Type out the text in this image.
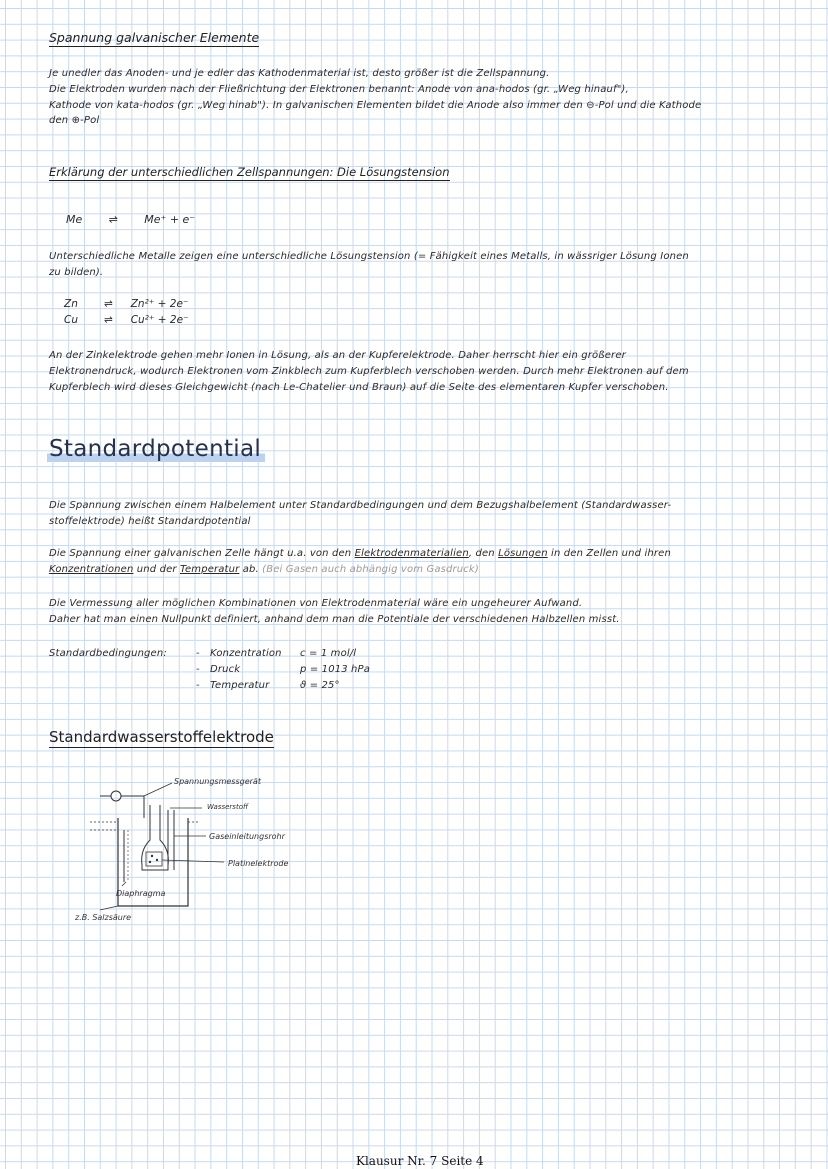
Spannung galvanischer Elemente
Je unedler das Anoden- und je edler das Kathodenmaterial ist, desto größer ist die Zellspannung.
Die Elektroden wurden nach der Fließrichtung der Elektronen benannt: Anode von ana-hodos (gr. „Weg hinauf"),
Kathode von kata-hodos (gr. „Weg hinab"). In galvanischen Elementen bildet die Anode also immer den ⊖-Pol und die Kathode
den ⊕-Pol
Erklärung der unterschiedlichen Zellspannungen: Die Lösungstension
Me ⇌ Me⁺ + e⁻
Unterschiedliche Metalle zeigen eine unterschiedliche Lösungstension (= Fähigkeit eines Metalls, in wässriger Lösung Ionen
zu bilden).
Zn ⇌ Zn²⁺ + 2e⁻
Cu ⇌ Cu²⁺ + 2e⁻
An der Zinkelektrode gehen mehr Ionen in Lösung, als an der Kupferelektrode. Daher herrscht hier ein größerer
Elektronendruck, wodurch Elektronen vom Zinkblech zum Kupferblech verschoben werden. Durch mehr Elektronen auf dem
Kupferblech wird dieses Gleichgewicht (nach Le-Chatelier und Braun) auf die Seite des elementaren Kupfer verschoben.
Standardpotential
Die Spannung zwischen einem Halbelement unter Standardbedingungen und dem Bezugshalbelement (Standardwasser-
stoffelektrode) heißt Standardpotential
Die Spannung einer galvanischen Zelle hängt u.a. von den Elektrodenmaterialien, den Lösungen in den Zellen und ihren
Konzentrationen und der Temperatur ab. (Bei Gasen auch abhängig vom Gasdruck)
Die Vermessung aller möglichen Kombinationen von Elektrodenmaterial wäre ein ungeheurer Aufwand.
Daher hat man einen Nullpunkt definiert, anhand dem man die Potentiale der verschiedenen Halbzellen misst.
Standardbedingungen:	- Konzentration c = 1 mol/l
- Druck	p = 1013 hPa
- Temperatur	ϑ = 25°
Standardwasserstoffelektrode
Spannungsmessgerät
Wasserstoff
Gaseinleitungsrohr
Platinelektrode
Diaphragma
z.B. Salzsäure
Klausur Nr. 7 Seite 4
